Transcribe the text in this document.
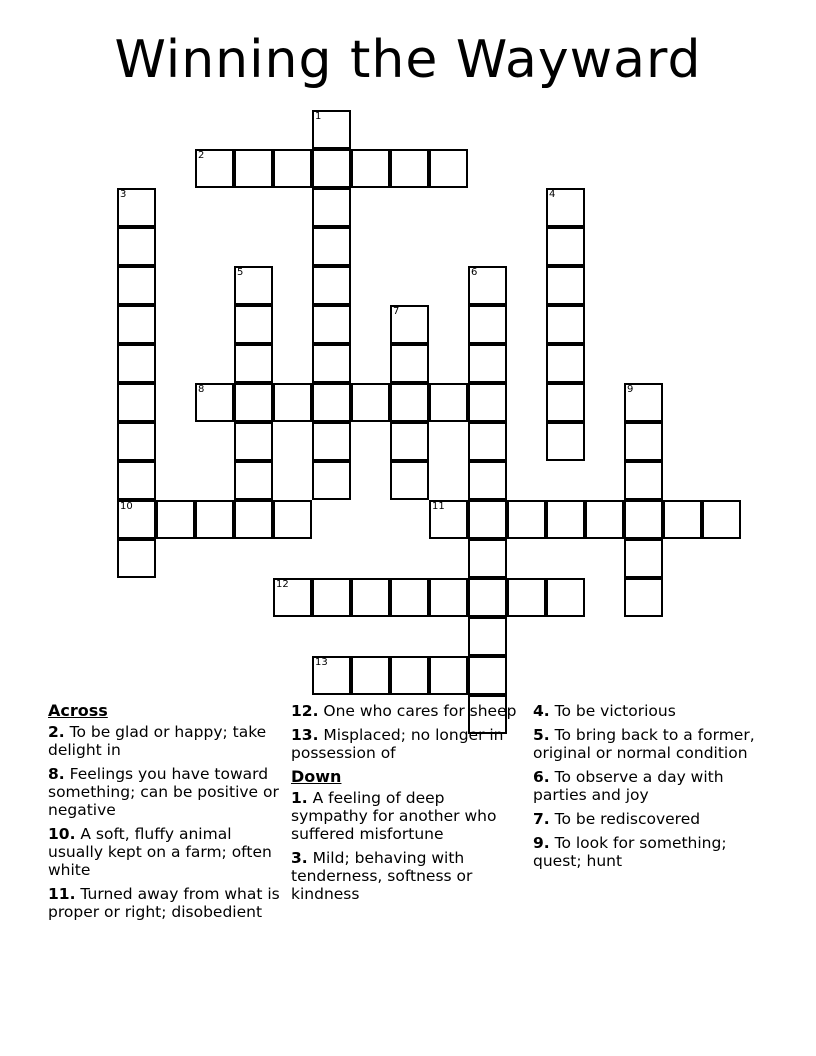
Winning the Wayward
1
2
3
10
4
5	6
7
8	9
11
12
13
Across
2. To be glad or happy; take delight in
8. Feelings you have toward something; can be positive or negative
10. A soft, fluffy animal usually kept on a farm; often white
11. Turned away from what is proper or right; disobedient
12. One who cares for sheep
13. Misplaced; no longer in possession of
Down
1. A feeling of deep sympathy for another who suffered misfortune
3. Mild; behaving with tenderness, softness or kindness
4. To be victorious
5. To bring back to a former, original or normal condition
6. To observe a day with parties and joy
7. To be rediscovered
9. To look for something; quest; hunt
